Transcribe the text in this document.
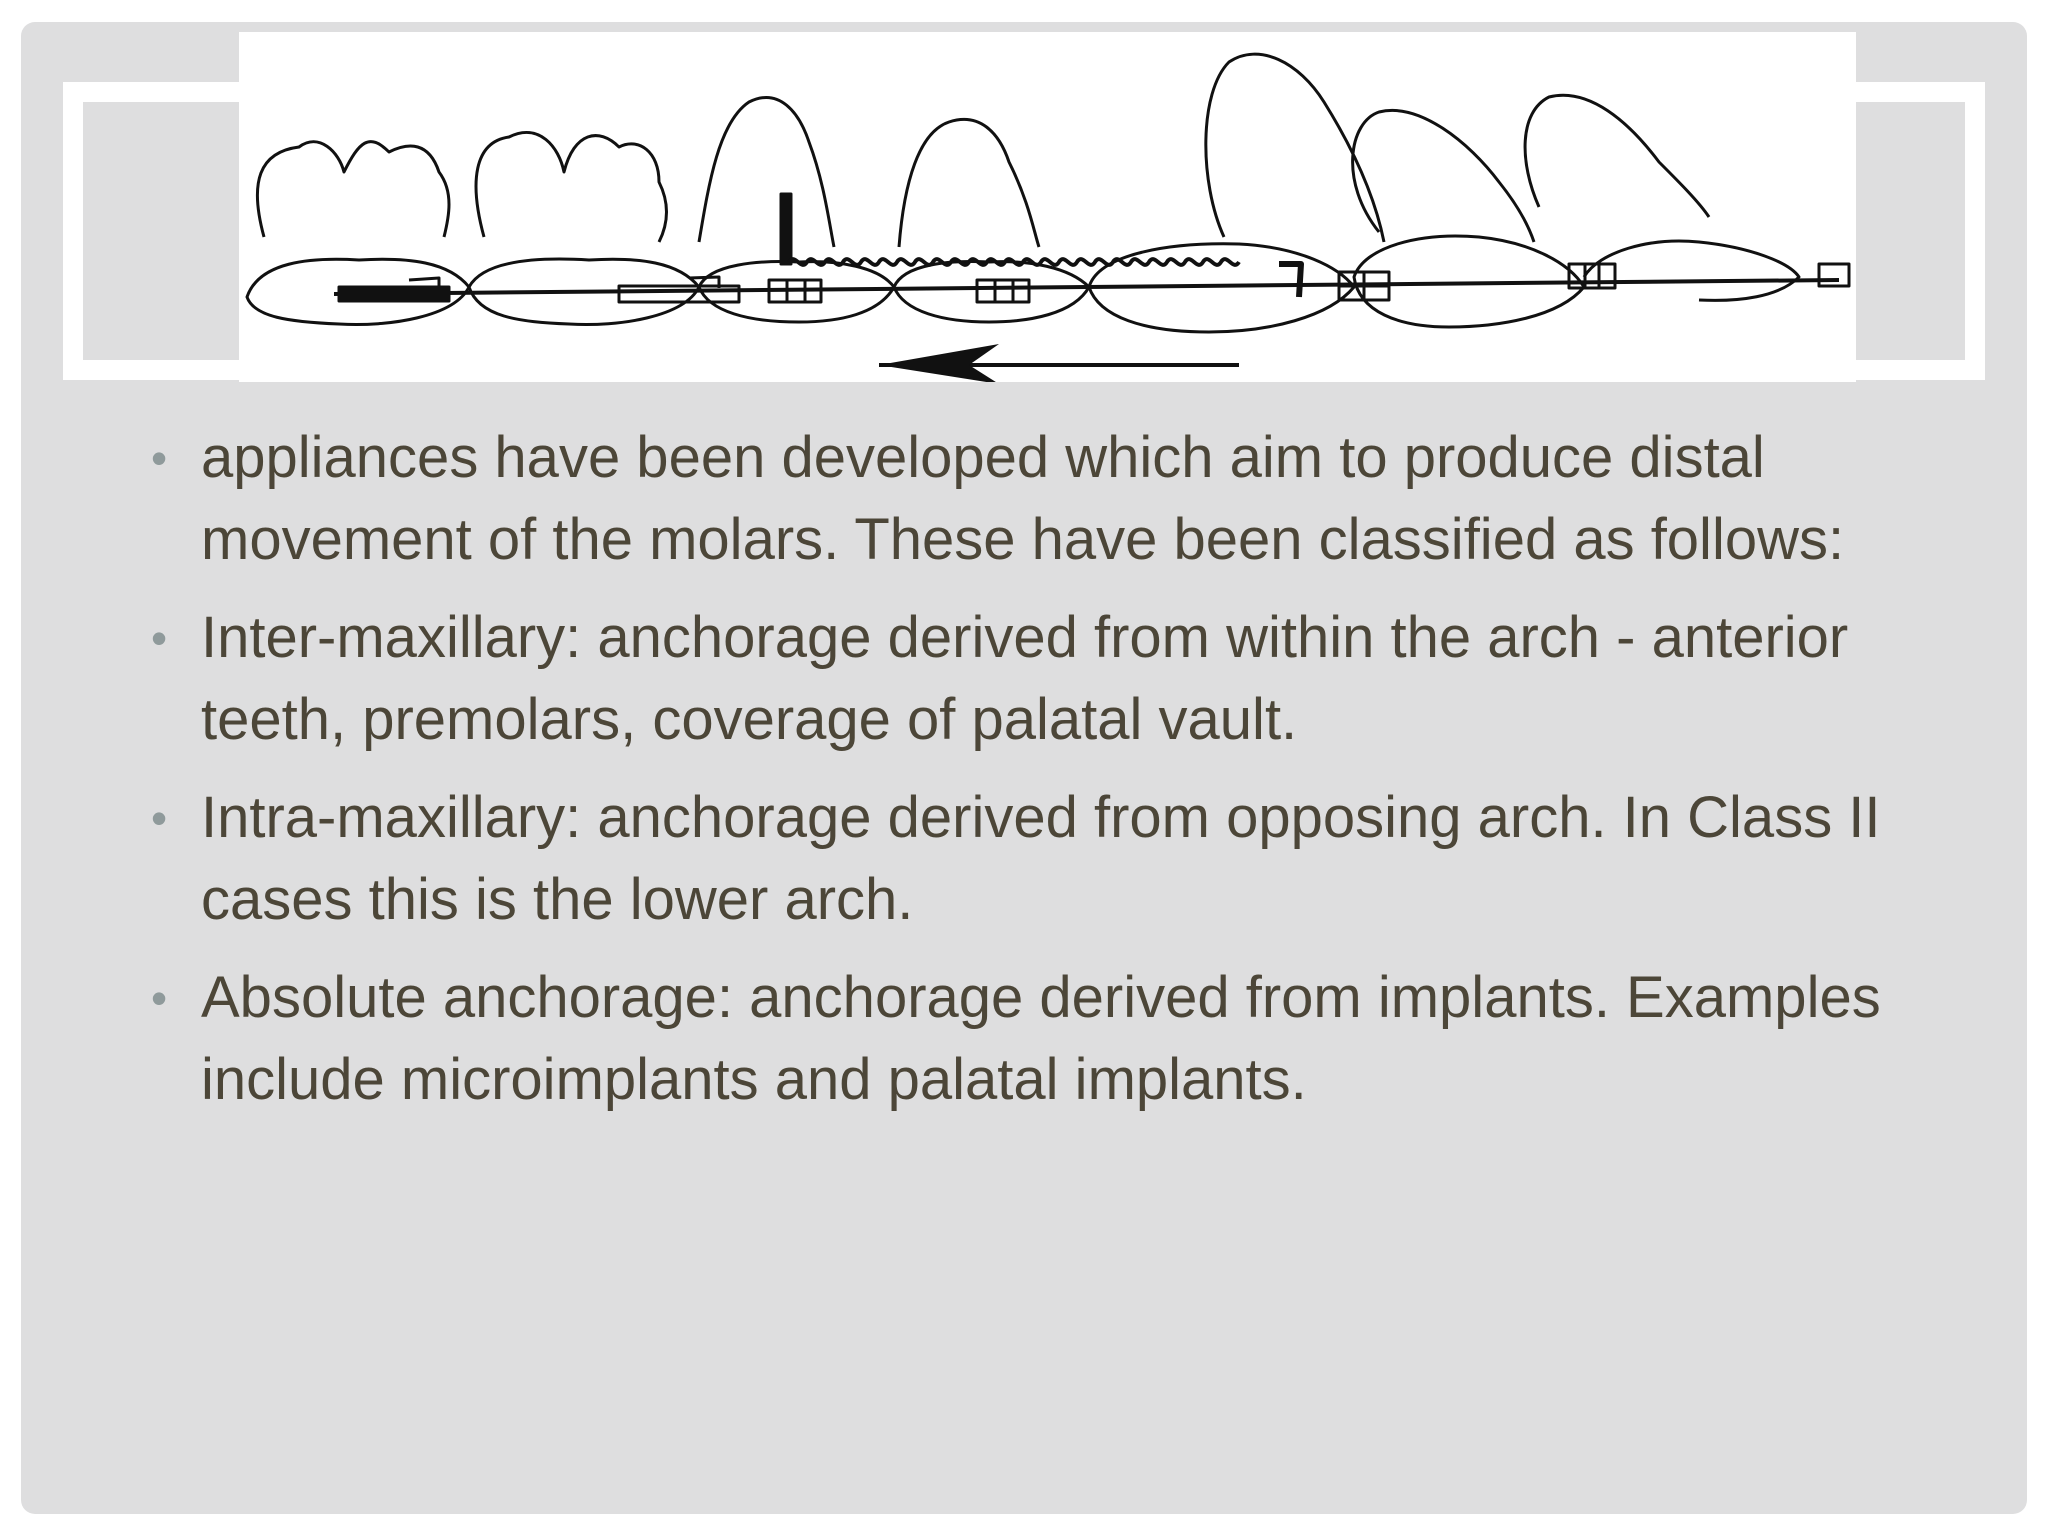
• appliances have been developed which aim to produce distal movement of the molars. These have been classified as follows:
• Inter-maxillary: anchorage derived from within the arch - anterior teeth, premolars, coverage of palatal vault.
• Intra-maxillary: anchorage derived from opposing arch. In Class II cases this is the lower arch.
• Absolute anchorage: anchorage derived from implants. Examples include microimplants and palatal implants.
